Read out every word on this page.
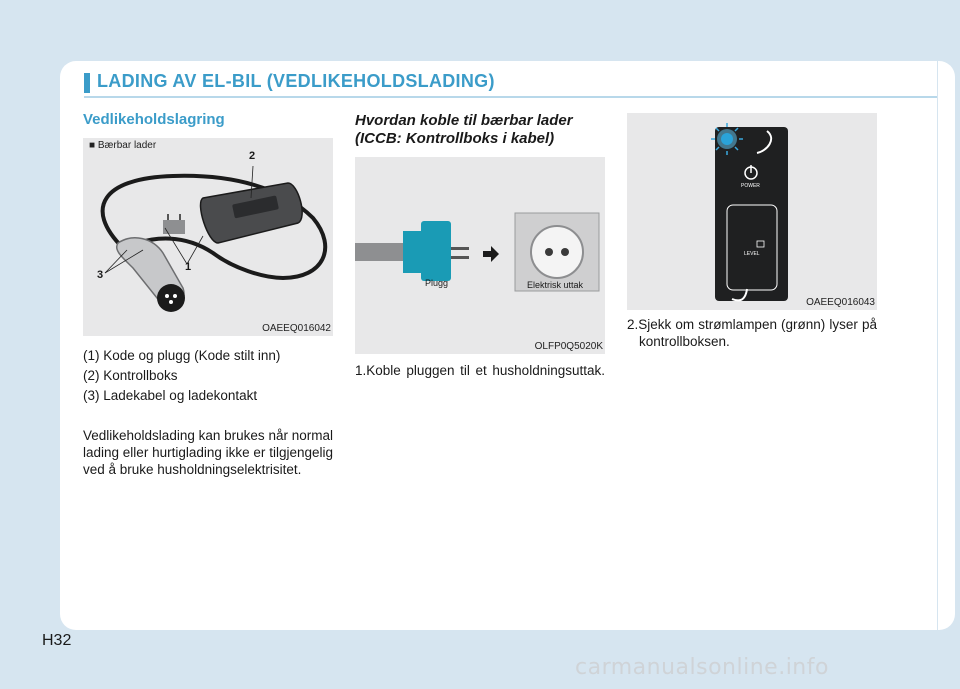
LADING AV EL-BIL (VEDLIKEHOLDSLADING)
Vedlikeholdslagring
■ Bærbar lader
2
1
3
OAEEQ016042
(1) Kode og plugg (Kode stilt inn)
(2) Kontrollboks
(3) Ladekabel og ladekontakt
Vedlikeholdslading kan brukes når normal lading eller hurtiglading ikke er tilgjengelig ved å bruke husholdningselektrisitet.
Hvordan koble til bærbar lader (ICCB: Kontrollboks i kabel)
Plugg	Elektrisk uttak
OLFP0Q5020K
1.Koble pluggen til et husholdningsuttak.
POWER
LEVEL
OAEEQ016043
2.Sjekk om strømlampen (grønn) lyser på kontrollboksen.
H32
carmanualsonline.info
